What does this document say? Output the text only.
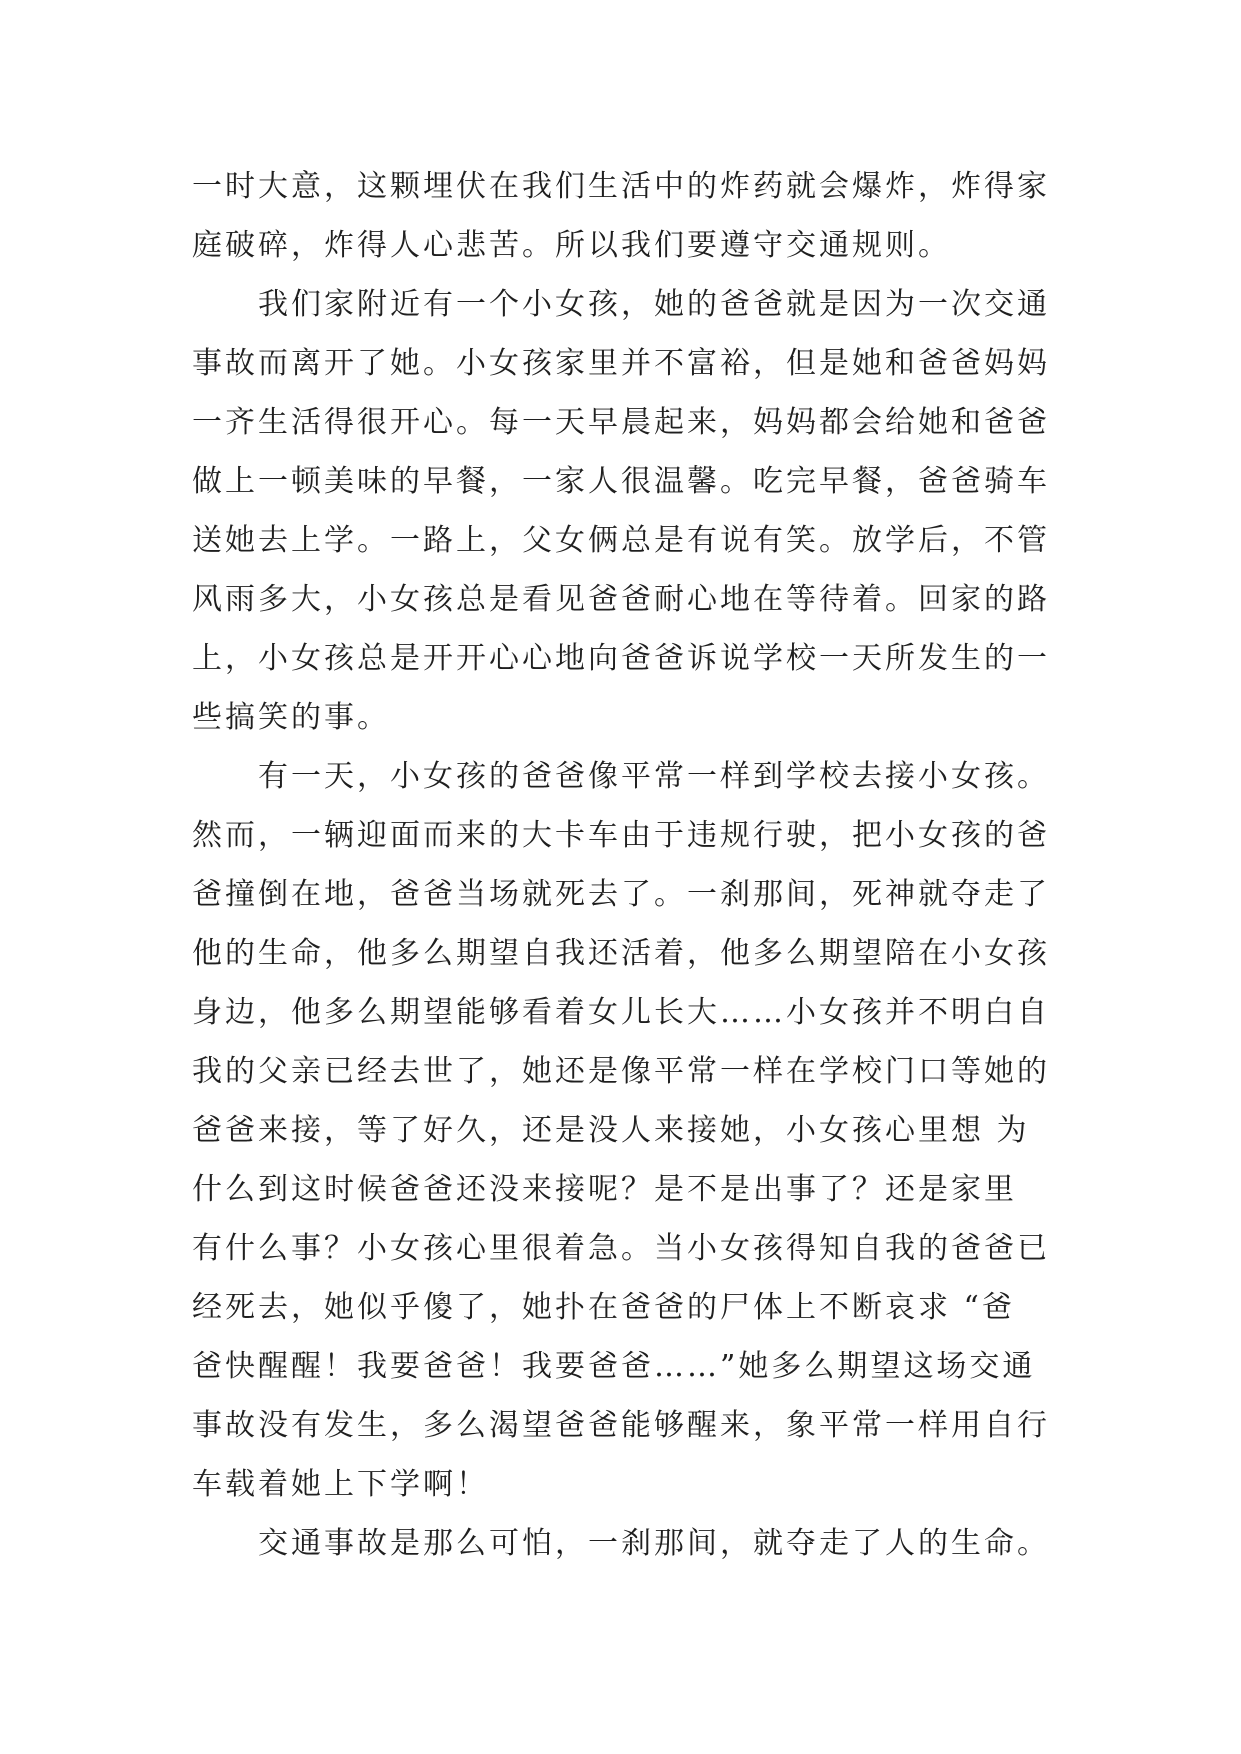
一时大意，这颗埋伏在我们生活中的炸药就会爆炸，炸得家
庭破碎，炸得人心悲苦。所以我们要遵守交通规则。
　　我们家附近有一个小女孩，她的爸爸就是因为一次交通
事故而离开了她。小女孩家里并不富裕，但是她和爸爸妈妈
一齐生活得很开心。每一天早晨起来，妈妈都会给她和爸爸
做上一顿美味的早餐，一家人很温馨。吃完早餐，爸爸骑车
送她去上学。一路上，父女俩总是有说有笑。放学后，不管
风雨多大，小女孩总是看见爸爸耐心地在等待着。回家的路
上，小女孩总是开开心心地向爸爸诉说学校一天所发生的一
些搞笑的事。
　　有一天，小女孩的爸爸像平常一样到学校去接小女孩。
然而，一辆迎面而来的大卡车由于违规行驶，把小女孩的爸
爸撞倒在地，爸爸当场就死去了。一刹那间，死神就夺走了
他的生命，他多么期望自我还活着，他多么期望陪在小女孩
身边，他多么期望能够看着女儿长大……小女孩并不明白自
我的父亲已经去世了，她还是像平常一样在学校门口等她的
爸爸来接，等了好久，还是没人来接她，小女孩心里想 为
什么到这时候爸爸还没来接呢？是不是出事了？还是家里
有什么事？小女孩心里很着急。当小女孩得知自我的爸爸已
经死去，她似乎傻了，她扑在爸爸的尸体上不断哀求 “爸
爸快醒醒！我要爸爸！我要爸爸……”她多么期望这场交通
事故没有发生，多么渴望爸爸能够醒来，象平常一样用自行
车载着她上下学啊！
　　交通事故是那么可怕，一刹那间，就夺走了人的生命。
